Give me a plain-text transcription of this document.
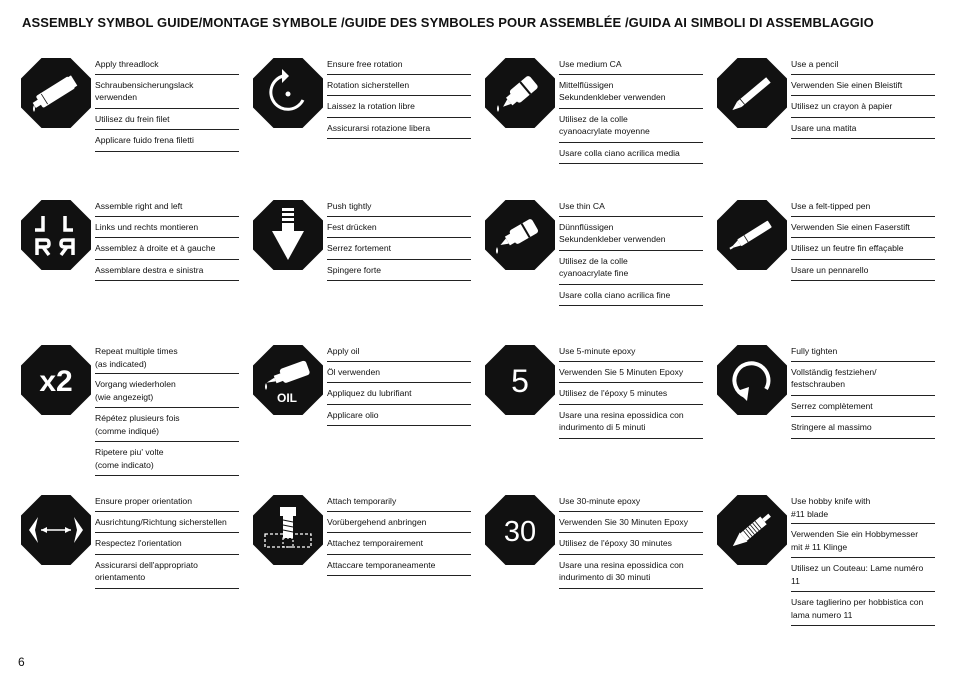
ASSEMBLY SYMBOL GUIDE/MONTAGE SYMBOLE /GUIDE DES SYMBOLES POUR ASSEMBLÉE /GUIDA AI SIMBOLI DI ASSEMBLAGGIO
Apply threadlock
Schraubensicherungslack
verwenden
Utilisez du frein filet
Applicare fuido frena filetti
Ensure free rotation
Rotation sicherstellen
Laissez la rotation libre
Assicurarsi rotazione libera
Use medium CA
Mittelflüssigen
Sekundenkleber verwenden
Utilisez de la colle
cyanoacrylate moyenne
Usare colla ciano acrilica media
Use a pencil
Verwenden Sie einen Bleistift
Utilisez un crayon à papier
Usare una matita
Assemble right and left
Links und rechts montieren
Assemblez à droite et à gauche
Assemblare destra e sinistra
Push tightly
Fest drücken
Serrez fortement
Spingere forte
Use thin CA
Dünnflüssigen
Sekundenkleber verwenden
Utilisez de la colle
cyanoacrylate fine
Usare colla ciano acrilica fine
Use a felt-tipped pen
Verwenden Sie einen Faserstift
Utilisez un feutre fin effaçable
Usare un pennarello
x2
Repeat multiple times
(as indicated)
Vorgang wiederholen
(wie angezeigt)
Répétez plusieurs fois
(comme indiqué)
Ripetere piu' volte
(come indicato)
OIL
Apply oil
Öl verwenden
Appliquez du lubrifiant
Applicare olio
5
Use 5-minute epoxy
Verwenden Sie 5 Minuten Epoxy
Utilisez de l'époxy 5 minutes
Usare una resina epossidica con
indurimento di 5 minuti
Fully tighten
Vollständig festziehen/
festschrauben
Serrez complètement
Stringere al massimo
Ensure proper orientation
Ausrichtung/Richtung sicherstellen
Respectez l'orientation
Assicurarsi dell'appropriato
orientamento
Attach temporarily
Vorübergehend anbringen
Attachez temporairement
Attaccare temporaneamente
30
Use 30-minute epoxy
Verwenden Sie 30 Minuten Epoxy
Utilisez de l'époxy 30 minutes
Usare una resina epossidica con
indurimento di 30 minuti
Use hobby knife with
#11 blade
Verwenden Sie ein Hobbymesser
mit # 11 Klinge
Utilisez un Couteau: Lame numéro
11
Usare taglierino per hobbistica con
lama numero 11
6
